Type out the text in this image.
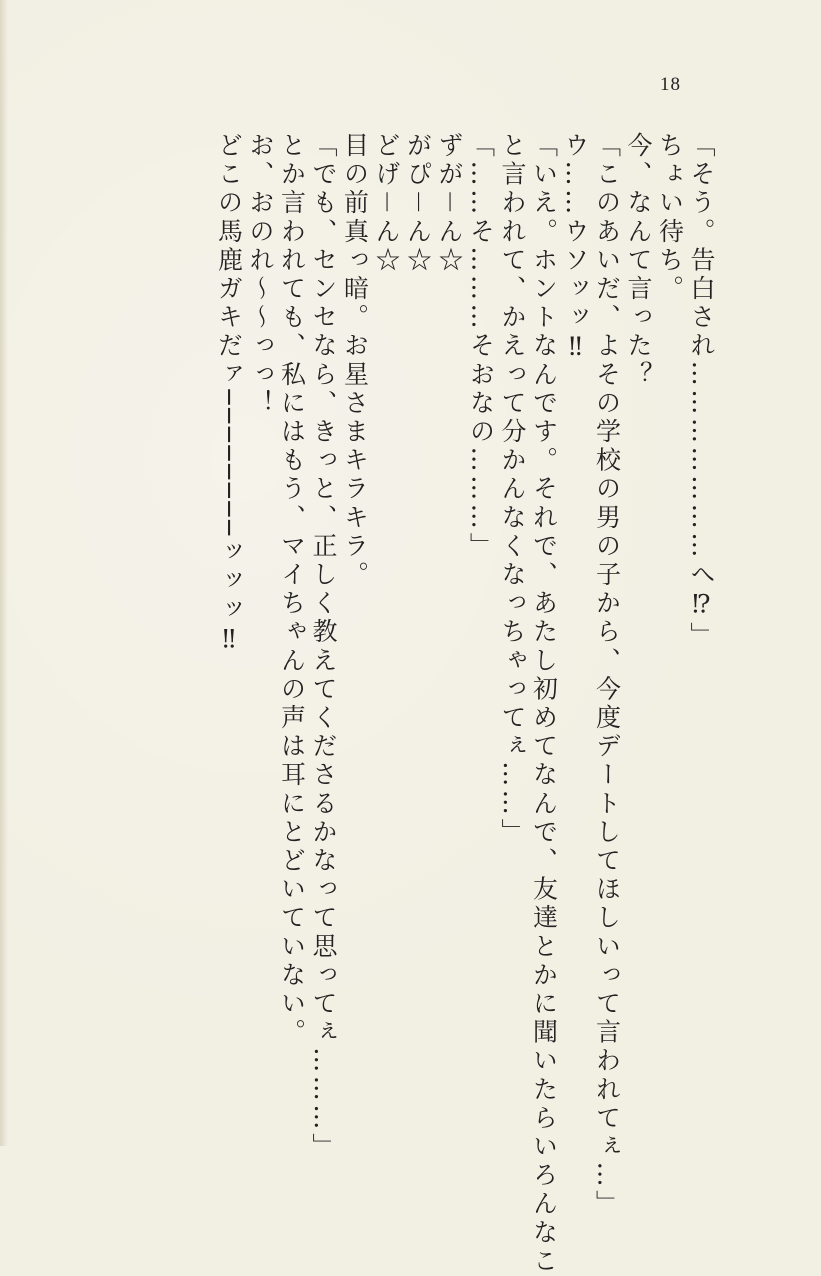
18
「そう。告白され…………………へ⁉︎」
ちょい待ち。
今、なんて言った？
「このあいだ、よその学校の男の子から、今度デートしてほしいって言われてぇ…」
ウ……ウソッッ‼︎
「いえ。ホントなんです。それで、あたし初めてなんで、友達とかに聞いたらいろんなこ
と言われて、かえって分かんなくなっちゃってぇ……」
「……そ………そおなの………」
ずが－ん☆
がぴ－ん☆
どげ－ん☆
目の前真っ暗。お星さまキラキラ。
「でも、センセなら、きっと、正しく教えてくださるかなって思ってぇ………」
とか言われても、私にはもう、マイちゃんの声は耳にとどいていない。
お、おのれ〜〜っっ！
どこの馬鹿ガキだァ────────ッッッ‼︎
